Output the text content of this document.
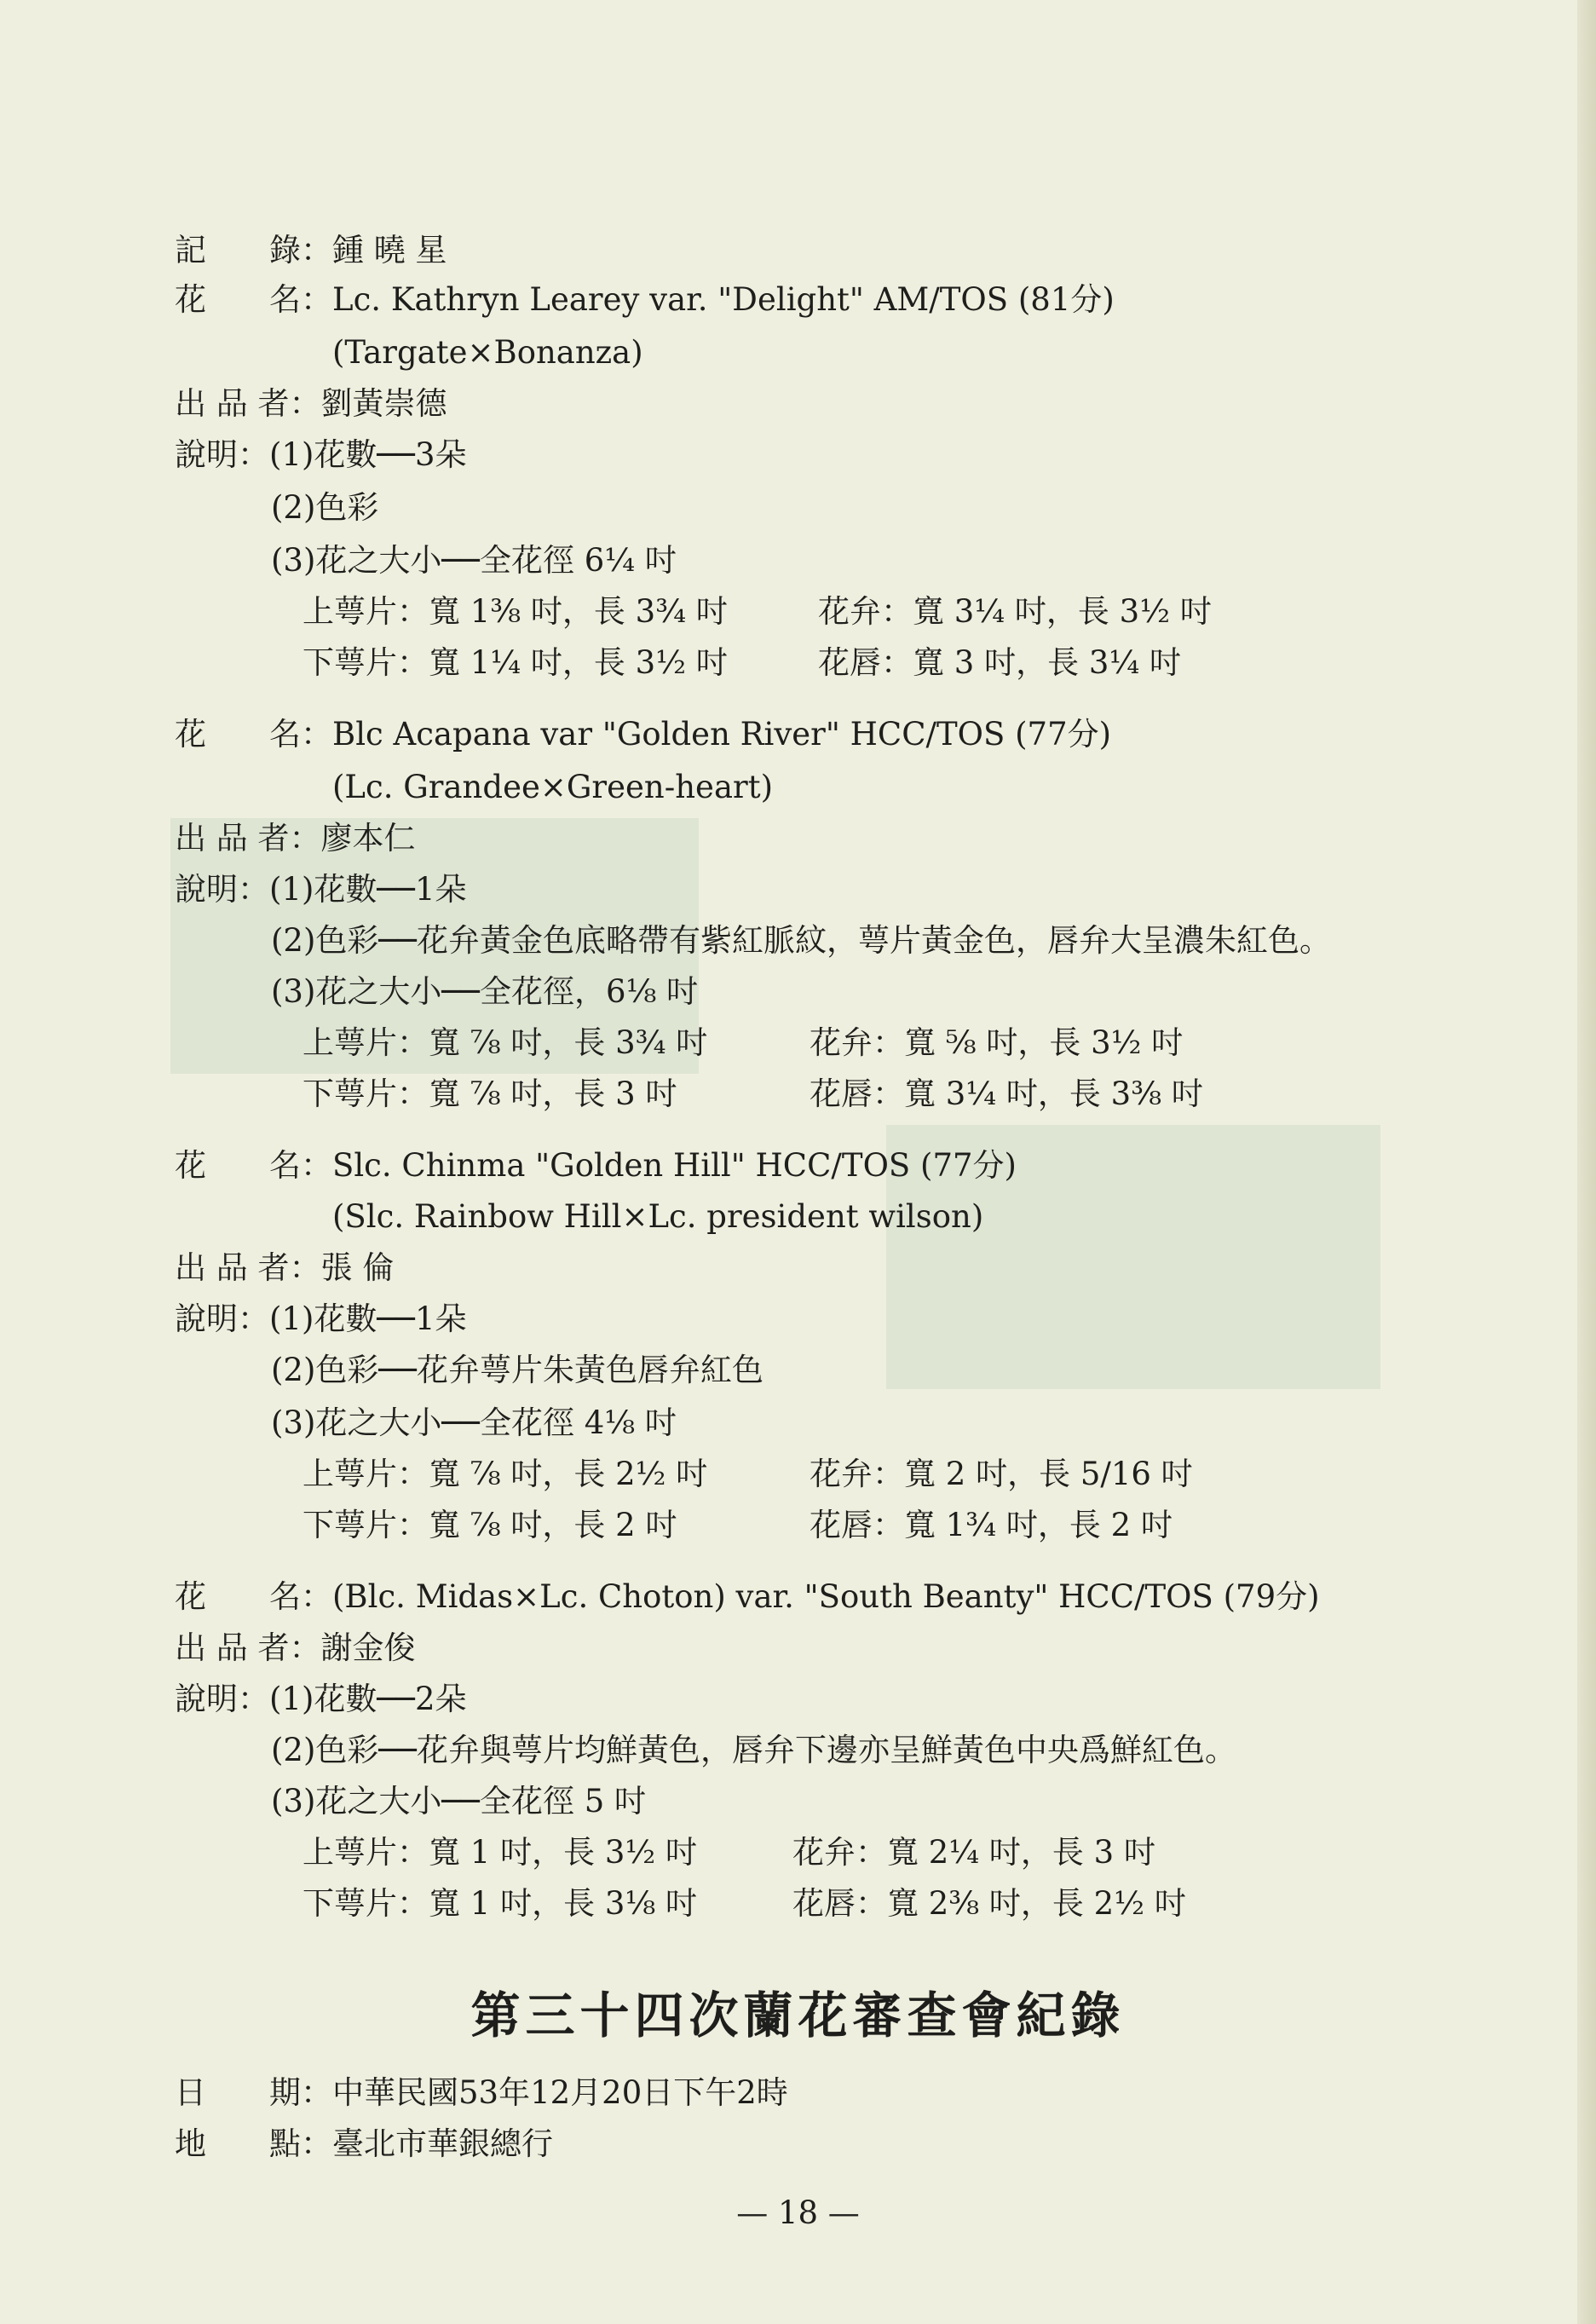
記　　錄：鍾 曉 星
花　　名：Lc. Kathryn Learey var. "Delight" AM/TOS (81分)
(Targate×Bonanza)
出 品 者：劉黃崇德
說明：(1)花數──3朵
(2)色彩
(3)花之大小──全花徑 6¼ 吋
上萼片：寬 1⅜ 吋，長 3¾ 吋	花弁：寬 3¼ 吋，長 3½ 吋
下萼片：寬 1¼ 吋，長 3½ 吋	花唇：寬 3 吋，長 3¼ 吋
花　　名：Blc Acapana var "Golden River" HCC/TOS (77分)
(Lc. Grandee×Green-heart)
出 品 者：廖本仁
說明：(1)花數──1朵
(2)色彩──花弁黃金色底略帶有紫紅脈紋，萼片黃金色，唇弁大呈濃朱紅色。
(3)花之大小──全花徑，6⅛ 吋
上萼片：寬 ⅞ 吋，長 3¾ 吋	花弁：寬 ⅝ 吋，長 3½ 吋
下萼片：寬 ⅞ 吋，長 3 吋	花唇：寬 3¼ 吋，長 3⅜ 吋
花　　名：Slc. Chinma "Golden Hill" HCC/TOS (77分)
(Slc. Rainbow Hill×Lc. president wilson)
出 品 者：張 倫
說明：(1)花數──1朵
(2)色彩──花弁萼片朱黃色唇弁紅色
(3)花之大小──全花徑 4⅛ 吋
上萼片：寬 ⅞ 吋，長 2½ 吋	花弁：寬 2 吋，長 5/16 吋
下萼片：寬 ⅞ 吋，長 2 吋	花唇：寬 1¾ 吋，長 2 吋
花　　名：(Blc. Midas×Lc. Choton) var. "South Beanty" HCC/TOS (79分)
出 品 者：謝金俊
說明：(1)花數──2朵
(2)色彩──花弁與萼片均鮮黃色，唇弁下邊亦呈鮮黃色中央爲鮮紅色。
(3)花之大小──全花徑 5 吋
上萼片：寬 1 吋，長 3½ 吋	花弁：寬 2¼ 吋，長 3 吋
下萼片：寬 1 吋，長 3⅛ 吋	花唇：寬 2⅜ 吋，長 2½ 吋
第三十四次蘭花審查會紀錄
日　　期：中華民國53年12月20日下午2時
地　　點：臺北市華銀總行
— 18 —
